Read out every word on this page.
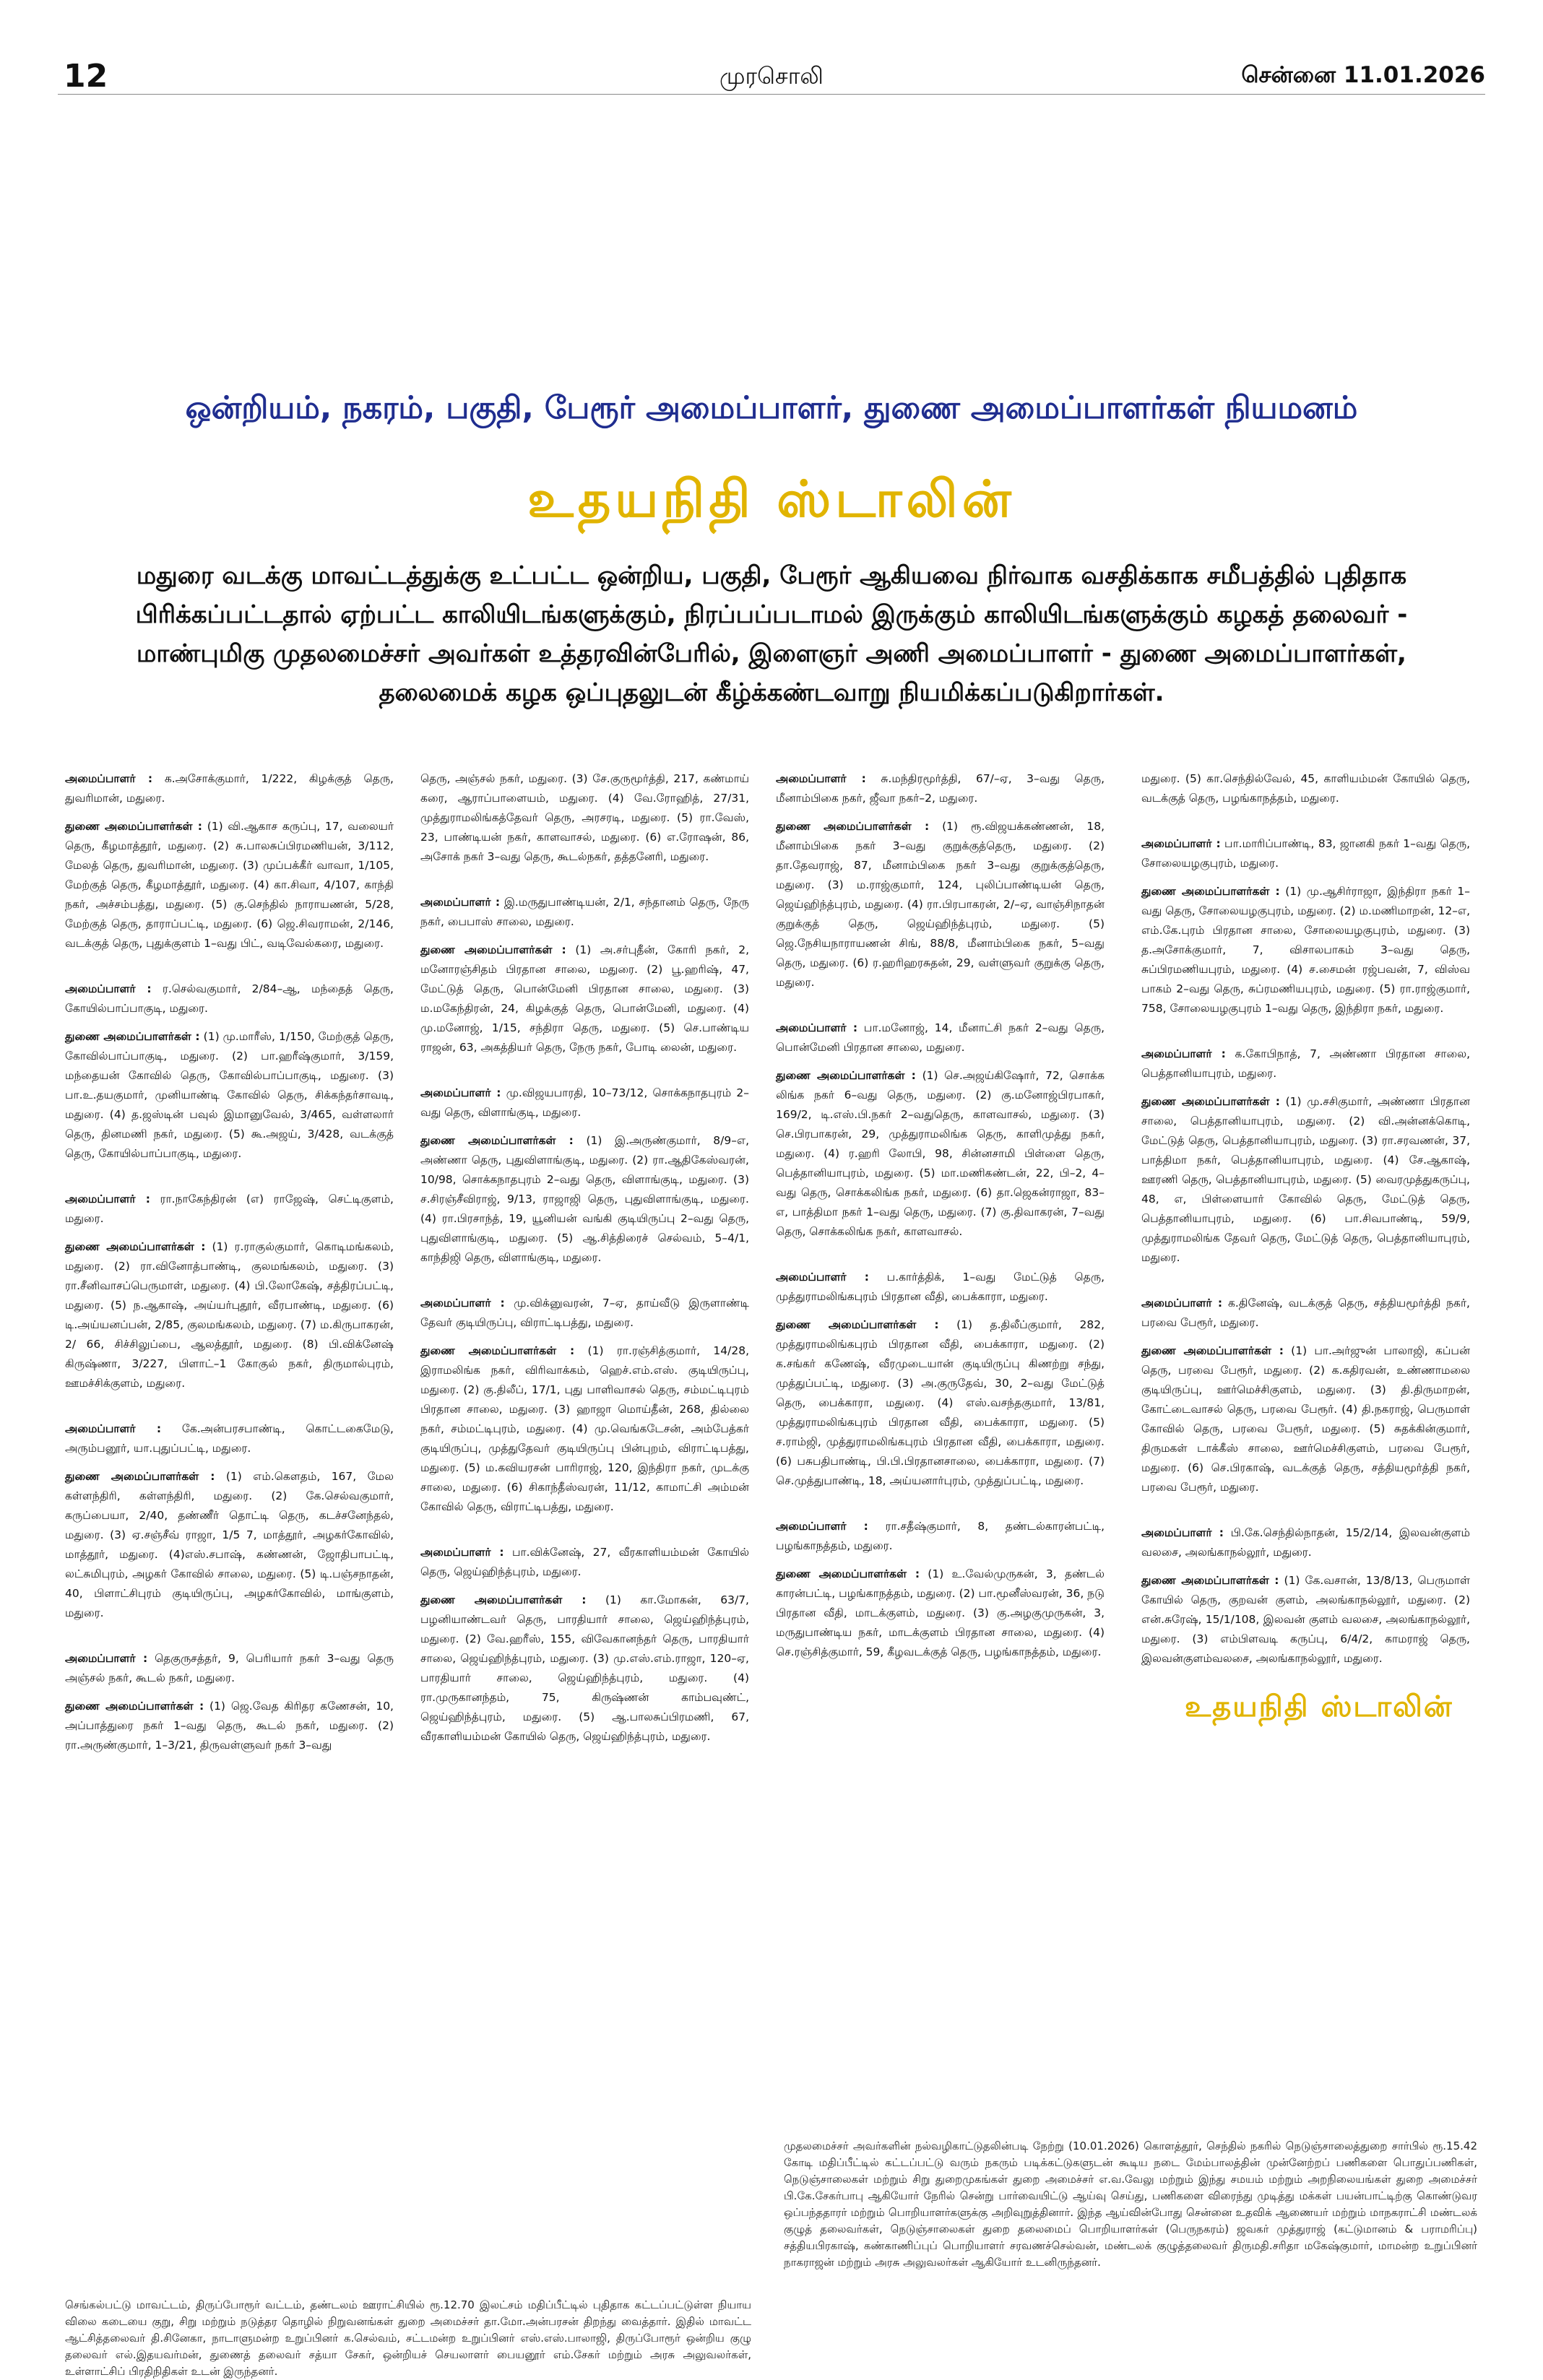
12	முரசொலி	சென்னை 11.01.2026
ஒன்றியம், நகரம், பகுதி, பேரூர் அமைப்பாளர், துணை அமைப்பாளர்கள் நியமனம்
உதயநிதி ஸ்டாலின்
மதுரை வடக்கு மாவட்டத்துக்கு உட்பட்ட ஒன்றிய, பகுதி, பேரூர் ஆகியவை நிர்வாக வசதிக்காக சமீபத்தில் புதிதாக பிரிக்கப்பட்டதால் ஏற்பட்ட காலியிடங்களுக்கும், நிரப்பப்படாமல் இருக்கும் காலியிடங்களுக்கும் கழகத் தலைவர் - மாண்புமிகு முதலமைச்சர் அவர்கள் உத்தரவின்பேரில், இளைஞர் அணி அமைப்பாளர் - துணை அமைப்பாளர்கள், தலைமைக் கழக ஒப்புதலுடன் கீழ்க்கண்டவாறு நியமிக்கப்படுகிறார்கள்.

அமைப்பாளர் : க.அசோக்குமார், 1/222, கிழக்குத் தெரு, துவரிமான், மதுரை.

துணை அமைப்பாளர்கள் : (1) வி.ஆகாச கருப்பு, 17, வலையர் தெரு, கீழமாத்தூர், மதுரை. (2) சு.பாலசுப்பிரமணியன், 3/112, மேலத் தெரு, துவரிமான், மதுரை. (3) முப்பக்கீர் வாவா, 1/105, மேற்குத் தெரு, கீழமாத்தூர், மதுரை. (4) கா.சிவா, 4/107, காந்தி நகர், அச்சம்பத்து, மதுரை. (5) கு.செந்தில் நாராயணன், 5/28, மேற்குத் தெரு, தாராப்பட்டி, மதுரை. (6) ஜெ.சிவராமன், 2/146, வடக்குத் தெரு, புதுக்குளம் 1–வது பிட், வடிவேல்கரை, மதுரை.

அமைப்பாளர் : ர.செல்வகுமார், 2/84–ஆ, மந்தைத் தெரு, கோயில்பாப்பாகுடி, மதுரை.

துணை அமைப்பாளர்கள் : (1) மு.மாரீஸ், 1/150, மேற்குத் தெரு, கோவில்பாப்பாகுடி, மதுரை. (2) பா.ஹரீஷ்குமார், 3/159, மந்தையன் கோவில் தெரு, கோவில்பாப்பாகுடி, மதுரை. (3) பா.உ.தயகுமார், முனியாண்டி கோவில் தெரு, சிக்கந்தர்சாவடி, மதுரை. (4) த.ஜஸ்டின் பவுல் இமானுவேல், 3/465, வள்ளலார் தெரு, தினமணி நகர், மதுரை. (5) கூ.அஜய், 3/428, வடக்குத் தெரு, கோயில்பாப்பாகுடி, மதுரை.

அமைப்பாளர் : ரா.நாகேந்திரன் (எ) ராஜேஷ், செட்டிகுளம், மதுரை.

துணை அமைப்பாளர்கள் : (1) ர.ராகுல்குமார், கொடிமங்கலம், மதுரை. (2) ரா.வினோத்பாண்டி, குலமங்கலம், மதுரை. (3) ரா.சீனிவாசப்பெருமாள், மதுரை. (4) பி.லோகேஷ், சத்திரப்பட்டி, மதுரை. (5) ந.ஆகாஷ், அய்யர்புதூர், வீரபாண்டி, மதுரை. (6) டி.அய்யனப்பன், 2/85, குலமங்கலம், மதுரை. (7) ம.கிருபாகரன், 2/ 66, சிச்சிலுப்பை, ஆலத்தூர், மதுரை. (8) பி.விக்னேஷ் கிருஷ்ணா, 3/227, பிளாட்–1 கோகுல் நகர், திருமால்புரம், ஊமச்சிக்குளம், மதுரை.

அமைப்பாளர் : கே.அன்பரசபாண்டி, கொட்டகைமேடு, அரும்பனூர், யா.புதுப்பட்டி, மதுரை.

துணை அமைப்பாளர்கள் : (1) எம்.கௌதம், 167, மேல கள்ளந்திரி, கள்ளந்திரி, மதுரை. (2) கே.செல்வகுமார், கருப்பையா, 2/40, தண்ணீர் தொட்டி தெரு, கடச்சனேந்தல், மதுரை. (3) ஏ.சஞ்சீவ் ராஜா, 1/5 7, மாத்தூர், அழகர்கோவில், மாத்தூர், மதுரை. (4)எஸ்.சபாஷ், கண்ணன், ஜோதிபாபட்டி, லட்சுமிபுரம், அழகர் கோவில் சாலை, மதுரை. (5) டி.பஞ்சநாதன், 40, பிளாட்சிபுரம் குடியிருப்பு, அழகர்கோவில், மாங்குளம், மதுரை.

அமைப்பாளர் : தெகுருசத்தர், 9, பெரியார் நகர் 3–வது தெரு அஞ்சல் நகர், கூடல் நகர், மதுரை.

துணை அமைப்பாளர்கள் : (1) ஜெ.வேத கிரிதர கணேசன், 10, அப்பாத்துரை நகர் 1–வது தெரு, கூடல் நகர், மதுரை. (2) ரா.அருண்குமார், 1–3/21, திருவள்ளுவர் நகர் 3–வது

தெரு, அஞ்சல் நகர், மதுரை. (3) சே.குருமூர்த்தி, 217, கண்மாய் கரை, ஆராப்பாளையம், மதுரை. (4) வே.ரோஹித், 27/31, முத்துராமலிங்கத்தேவர் தெரு, அரசரடி, மதுரை. (5) ரா.வேஸ், 23, பாண்டியன் நகர், காளவாசல், மதுரை. (6) எ.ரோஷன், 86, அசோக் நகர் 3–வது தெரு, கூடல்நகர், தத்தனேரி, மதுரை.

அமைப்பாளர் : இ.மருதுபாண்டியன், 2/1, சந்தானம் தெரு, நேரு நகர், பைபாஸ் சாலை, மதுரை.

துணை அமைப்பாளர்கள் : (1) அ.சர்புதீன், கோரி நகர், 2, மனோரஞ்சிதம் பிரதான சாலை, மதுரை. (2) பூ.ஹரிஷ், 47, மேட்டுத் தெரு, பொன்மேனி பிரதான சாலை, மதுரை. (3) ம.மகேந்திரன், 24, கிழக்குத் தெரு, பொன்மேனி, மதுரை. (4) மு.மனோஜ், 1/15, சந்திரா தெரு, மதுரை. (5) செ.பாண்டிய ராஜன், 63, அகத்தியர் தெரு, நேரு நகர், போடி லைன், மதுரை.

அமைப்பாளர் : மு.விஜயபாரதி, 10–73/12, சொக்கநாதபுரம் 2–வது தெரு, விளாங்குடி, மதுரை.

துணை அமைப்பாளர்கள் : (1) இ.அருண்குமார், 8/9–எ, அண்ணா தெரு, புதுவிளாங்குடி, மதுரை. (2) ரா.ஆதிகேஸ்வரன், 10/98, சொக்கநாதபுரம் 2–வது தெரு, விளாங்குடி, மதுரை. (3) ச.சிரஞ்சீவிராஜ், 9/13, ராஜாஜி தெரு, புதுவிளாங்குடி, மதுரை. (4) ரா.பிரசாந்த், 19, யூனியன் வங்கி குடியிருப்பு 2–வது தெரு, புதுவிளாங்குடி, மதுரை. (5) ஆ.சித்திரைச் செல்வம், 5–4/1, காந்திஜி தெரு, விளாங்குடி, மதுரை.

அமைப்பாளர் : மு.விக்னுவரன், 7–ஏ, தாய்வீடு இருளாண்டி தேவர் குடியிருப்பு, விராட்டிபத்து, மதுரை.

துணை அமைப்பாளர்கள் : (1) ரா.ரஞ்சித்குமார், 14/28, இராமலிங்க நகர், விரிவாக்கம், ஹெச்.எம்.எஸ். குடியிருப்பு, மதுரை. (2) கு.திலீப், 17/1, புது பாளிவாசல் தெரு, சம்மட்டிபுரம் பிரதான சாலை, மதுரை. (3) ஹாஜா மொய்தீன், 268, தில்லை நகர், சம்மட்டிபுரம், மதுரை. (4) மு.வெங்கடேசன், அம்பேத்கர் குடியிருப்பு, முத்துதேவர் குடியிருப்பு பின்புறம், விராட்டிபத்து, மதுரை. (5) ம.கவியரசன் பாரிராஜ், 120, இந்திரா நகர், முடக்கு சாலை, மதுரை. (6) சிகாந்தீஸ்வரன், 11/12, காமாட்சி அம்மன் கோவில் தெரு, விராட்டிபத்து, மதுரை.

அமைப்பாளர் : பா.விக்னேஷ், 27, வீரகாளியம்மன் கோயில் தெரு, ஜெய்ஹிந்த்புரம், மதுரை.

துணை அமைப்பாளர்கள் : (1) கா.மோகன், 63/7, பழனியாண்டவர் தெரு, பாரதியார் சாலை, ஜெய்ஹிந்த்புரம், மதுரை. (2) வே.ஹரீஸ், 155, விவேகானந்தர் தெரு, பாரதியார் சாலை, ஜெய்ஹிந்த்புரம், மதுரை. (3) மு.எஸ்.எம்.ராஜா, 120–ஏ, பாரதியார் சாலை, ஜெய்ஹிந்த்புரம், மதுரை. (4) ரா.முருகானந்தம், 75, கிருஷ்ணன் காம்பவுண்ட், ஜெய்ஹிந்த்புரம், மதுரை. (5) ஆ.பாலசுப்பிரமணி, 67, வீரகாளியம்மன் கோயில் தெரு, ஜெய்ஹிந்த்புரம், மதுரை.

அமைப்பாளர் : சு.மந்திரமூர்த்தி, 67/–ஏ, 3–வது தெரு, மீனாம்பிகை நகர், ஜீவா நகர்–2, மதுரை.

துணை அமைப்பாளர்கள் : (1) ரூ.விஜயக்கண்ணன், 18, மீனாம்பிகை நகர் 3–வது குறுக்குத்தெரு, மதுரை. (2) தா.தேவராஜ், 87, மீனாம்பிகை நகர் 3–வது குறுக்குத்தெரு, மதுரை. (3) ம.ராஜ்குமார், 124, புலிப்பாண்டியன் தெரு, ஜெய்ஹிந்த்புரம், மதுரை. (4) ரா.பிரபாகரன், 2/–ஏ, வாஞ்சிநாதன் குறுக்குத் தெரு, ஜெய்ஹிந்த்புரம், மதுரை. (5) ஜெ.நேசியநாராயணன் சிங், 88/8, மீனாம்பிகை நகர், 5–வது தெரு, மதுரை. (6) ர.ஹரிஹரசுதன், 29, வள்ளுவர் குறுக்கு தெரு, மதுரை.

அமைப்பாளர் : பா.மனோஜ், 14, மீனாட்சி நகர் 2–வது தெரு, பொன்மேனி பிரதான சாலை, மதுரை.

துணை அமைப்பாளர்கள் : (1) செ.அஜய்கிஷோர், 72, சொக்க லிங்க நகர் 6–வது தெரு, மதுரை. (2) கு.மனோஜ்பிரபாகர், 169/2, டி.எஸ்.பி.நகர் 2–வதுதெரு, காளவாசல், மதுரை. (3) செ.பிரபாகரன், 29, முத்துராமலிங்க தெரு, காளிமுத்து நகர், மதுரை. (4) ர.ஹரி லோபி, 98, சின்னசாமி பிள்ளை தெரு, பெத்தானியாபுரம், மதுரை. (5) மா.மணிகண்டன், 22, பி–2, 4–வது தெரு, சொக்கலிங்க நகர், மதுரை. (6) தா.ஜெகன்ராஜா, 83–எ, பாத்திமா நகர் 1–வது தெரு, மதுரை. (7) கு.திவாகரன், 7–வது தெரு, சொக்கலிங்க நகர், காளவாசல்.

அமைப்பாளர் : ப.கார்த்திக், 1–வது மேட்டுத் தெரு, முத்துராமலிங்கபுரம் பிரதான வீதி, பைக்காரா, மதுரை.

துணை அமைப்பாளர்கள் : (1) த.திலீப்குமார், 282, முத்துராமலிங்கபுரம் பிரதான வீதி, பைக்காரா, மதுரை. (2) க.சங்கர் கணேஷ், வீரமுடையான் குடியிருப்பு கிணற்று சந்து, முத்துப்பட்டி, மதுரை. (3) அ.குருதேவ், 30, 2–வது மேட்டுத் தெரு, பைக்காரா, மதுரை. (4) எஸ்.வசந்தகுமார், 13/81, முத்துராமலிங்கபுரம் பிரதான வீதி, பைக்காரா, மதுரை. (5) ச.ராம்ஜி, முத்துராமலிங்கபுரம் பிரதான வீதி, பைக்காரா, மதுரை. (6) பசுபதிபாண்டி, பி.பி.பிரதானசாலை, பைக்காரா, மதுரை. (7) செ.முத்துபாண்டி, 18, அய்யனார்புரம், முத்துப்பட்டி, மதுரை.

அமைப்பாளர் : ரா.சதீஷ்குமார், 8, தண்டல்காரன்பட்டி, பழங்காநத்தம், மதுரை.

துணை அமைப்பாளர்கள் : (1) உ.வேல்முருகன், 3, தண்டல் காரன்பட்டி, பழங்காநத்தம், மதுரை. (2) பா.மூனீஸ்வரன், 36, நடு பிரதான வீதி, மாடக்குளம், மதுரை. (3) கு.அழகுமுருகன், 3, மருதுபாண்டிய நகர், மாடக்குளம் பிரதான சாலை, மதுரை. (4) செ.ரஞ்சித்குமார், 59, கீழவடக்குத் தெரு, பழங்காநத்தம், மதுரை.

மதுரை. (5) கா.செந்தில்வேல், 45, காளியம்மன் கோயில் தெரு, வடக்குத் தெரு, பழங்காநத்தம், மதுரை.

அமைப்பாளர் : பா.மாரிப்பாண்டி, 83, ஜானகி நகர் 1–வது தெரு, சோலையழகுபுரம், மதுரை.

துணை அமைப்பாளர்கள் : (1) மு.ஆசிர்ராஜா, இந்திரா நகர் 1–வது தெரு, சோலையழகுபுரம், மதுரை. (2) ம.மணிமாறன், 12–எ, எம்.கே.புரம் பிரதான சாலை, சோலையழகுபுரம், மதுரை. (3) த.அசோக்குமார், 7, விசாலபாகம் 3–வது தெரு, சுப்பிரமணியபுரம், மதுரை. (4) ச.சைமன் ரஜ்பவன், 7, விஸ்வ பாகம் 2–வது தெரு, சுப்ரமணியபுரம், மதுரை. (5) ரா.ராஜ்குமார், 758, சோலையழகுபுரம் 1–வது தெரு, இந்திரா நகர், மதுரை.

அமைப்பாளர் : க.கோபிநாத், 7, அண்ணா பிரதான சாலை, பெத்தானியாபுரம், மதுரை.

துணை அமைப்பாளர்கள் : (1) மு.சசிகுமார், அண்ணா பிரதான சாலை, பெத்தானியாபுரம், மதுரை. (2) வி.அன்னக்கொடி, மேட்டுத் தெரு, பெத்தானியாபுரம், மதுரை. (3) ரா.சரவணன், 37, பாத்திமா நகர், பெத்தானியாபுரம், மதுரை. (4) சே.ஆகாஷ், ஊரணி தெரு, பெத்தானியாபுரம், மதுரை. (5) வைரமுத்துகருப்பு, 48, எ, பிள்ளையார் கோவில் தெரு, மேட்டுத் தெரு, பெத்தானியாபுரம், மதுரை. (6) பா.சிவபாண்டி, 59/9, முத்துராமலிங்க தேவர் தெரு, மேட்டுத் தெரு, பெத்தானியாபுரம், மதுரை.

அமைப்பாளர் : க.தினேஷ், வடக்குத் தெரு, சத்தியமூர்த்தி நகர், பரவை பேரூர், மதுரை.

துணை அமைப்பாளர்கள் : (1) பா.அர்ஜுன் பாலாஜி, கப்பன் தெரு, பரவை பேரூர், மதுரை. (2) க.கதிரவன், உண்ணாமலை குடியிருப்பு, ஊர்மெச்சிகுளம், மதுரை. (3) தி.திருமாறன், கோட்டைவாசல் தெரு, பரவை பேரூர். (4) தி.நகராஜ், பெருமாள் கோவில் தெரு, பரவை பேரூர், மதுரை. (5) சுதக்கின்குமார், திருமகள் டாக்கீஸ் சாலை, ஊர்மெச்சிகுளம், பரவை பேரூர், மதுரை. (6) செ.பிரகாஷ், வடக்குத் தெரு, சத்தியமூர்த்தி நகர், பரவை பேரூர், மதுரை.

அமைப்பாளர் : பி.கே.செந்தில்நாதன், 15/2/14, இலவன்குளம் வலசை, அலங்காநல்லூர், மதுரை.

துணை அமைப்பாளர்கள் : (1) கே.வசான், 13/8/13, பெருமாள் கோயில் தெரு, குறவன் குளம், அலங்காநல்லூர், மதுரை. (2) என்.சுரேஷ், 15/1/108, இலவன் குளம் வலசை, அலங்காநல்லூர், மதுரை. (3) எம்பிளவடி கருப்பு, 6/4/2, காமராஜ் தெரு, இலவன்குளம்வலசை, அலங்காநல்லூர், மதுரை.

உதயநிதி ஸ்டாலின்
செங்கல்பட்டு மாவட்டம், திருப்போரூர் வட்டம், தண்டலம் ஊராட்சியில் ரூ.12.70 இலட்சம் மதிப்பீட்டில் புதிதாக கட்டப்பட்டுள்ள நியாய விலை கடையை குறு, சிறு மற்றும் நடுத்தர தொழில் நிறுவனங்கள் துறை அமைச்சர் தா.மோ.அன்பரசன் திறந்து வைத்தார். இதில் மாவட்ட ஆட்சித்தலைவர் தி.சினேகா, நாடாளுமன்ற உறுப்பினர் க.செல்வம், சட்டமன்ற உறுப்பினர் எஸ்.எஸ்.பாலாஜி, திருப்போரூர் ஒன்றிய குழு தலைவர் எல்.இதயவர்மன், துணைத் தலைவர் சத்யா சேகர், ஒன்றியச் செயலாளர் பையனூர் எம்.சேகர் மற்றும் அரசு அலுவலர்கள், உள்ளாட்சிப் பிரதிநிதிகள் உடன் இருந்தனர்.
முதலமைச்சர் அவர்களின் நல்வழிகாட்டுதலின்படி நேற்று (10.01.2026) கொளத்தூர், செந்தில் நகரில் நெடுஞ்சாலைத்துறை சார்பில் ரூ.15.42 கோடி மதிப்பீட்டில் கட்டப்பட்டு வரும் நகரும் படிக்கட்டுகளுடன் கூடிய நடை மேம்பாலத்தின் முன்னேற்றப் பணிகளை பொதுப்பணிகள், நெடுஞ்சாலைகள் மற்றும் சிறு துறைமுகங்கள் துறை அமைச்சர் எ.வ.வேலு மற்றும் இந்து சமயம் மற்றும் அறநிலையங்கள் துறை அமைச்சர் பி.கே.சேகர்பாபு ஆகியோர் நேரில் சென்று பார்வையிட்டு ஆய்வு செய்து, பணிகளை விரைந்து முடித்து மக்கள் பயன்பாட்டிற்கு கொண்டுவர ஒப்பந்ததாரர் மற்றும் பொறியாளர்களுக்கு அறிவுறுத்தினார். இந்த ஆய்வின்போது சென்னை உதவிக் ஆணையர் மற்றும் மாநகராட்சி மண்டலக் குழுத் தலைவர்கள், நெடுஞ்சாலைகள் துறை தலைமைப் பொறியாளர்கள் (பெருநகரம்) ஜவகர் முத்துராஜ் (கட்டுமானம் & பராமரிப்பு) சத்தியபிரகாஷ், கண்காணிப்புப் பொறியாளர் சரவணச்செல்வன், மண்டலக் குழுத்தலைவர் திருமதி.சரிதா மகேஷ்குமார், மாமன்ற உறுப்பினர் நாகராஜன் மற்றும் அரசு அலுவலர்கள் ஆகியோர் உடனிருந்தனர்.
